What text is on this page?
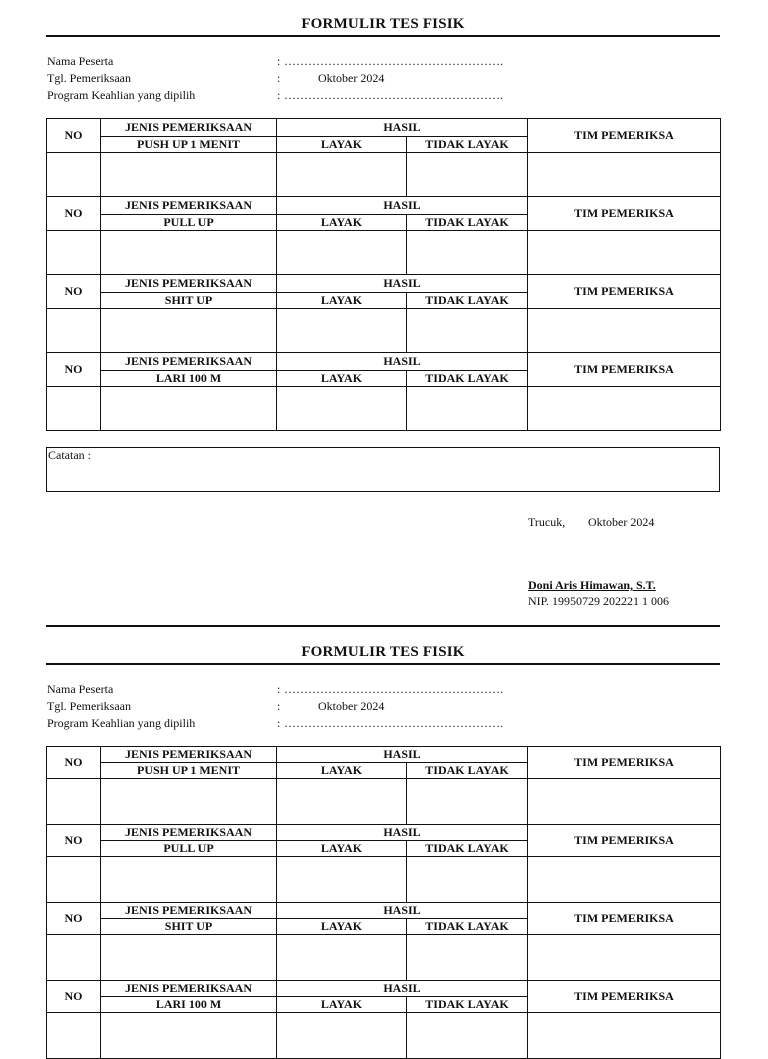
FORMULIR TES FISIK
Nama Peserta	: ……………………………………………….
Tgl. Pemeriksaan	:	Oktober 2024
Program Keahlian yang dipilih	: ……………………………………………….
NO	JENIS PEMERIKSAAN	HASIL		TIM PEMERIKSA
	PUSH UP 1 MENIT	LAYAK	TIDAK LAYAK	

NO	JENIS PEMERIKSAAN	HASIL		TIM PEMERIKSA
	PULL UP	LAYAK	TIDAK LAYAK	

NO	JENIS PEMERIKSAAN	HASIL		TIM PEMERIKSA
	SHIT UP	LAYAK	TIDAK LAYAK	

NO	JENIS PEMERIKSAAN	HASIL		TIM PEMERIKSA
	LARI 100 M	LAYAK	TIDAK LAYAK	

Catatan :
Trucuk, Oktober 2024
Doni Aris Himawan, S.T.
NIP. 19950729 202221 1 006
FORMULIR TES FISIK
Nama Peserta	: ……………………………………………….
Tgl. Pemeriksaan	:	Oktober 2024
Program Keahlian yang dipilih	: ……………………………………………….
NO	JENIS PEMERIKSAAN	HASIL		TIM PEMERIKSA
	PUSH UP 1 MENIT	LAYAK	TIDAK LAYAK	

NO	JENIS PEMERIKSAAN	HASIL		TIM PEMERIKSA
	PULL UP	LAYAK	TIDAK LAYAK	

NO	JENIS PEMERIKSAAN	HASIL		TIM PEMERIKSA
	SHIT UP	LAYAK	TIDAK LAYAK	

NO	JENIS PEMERIKSAAN	HASIL		TIM PEMERIKSA
	LARI 100 M	LAYAK	TIDAK LAYAK	
